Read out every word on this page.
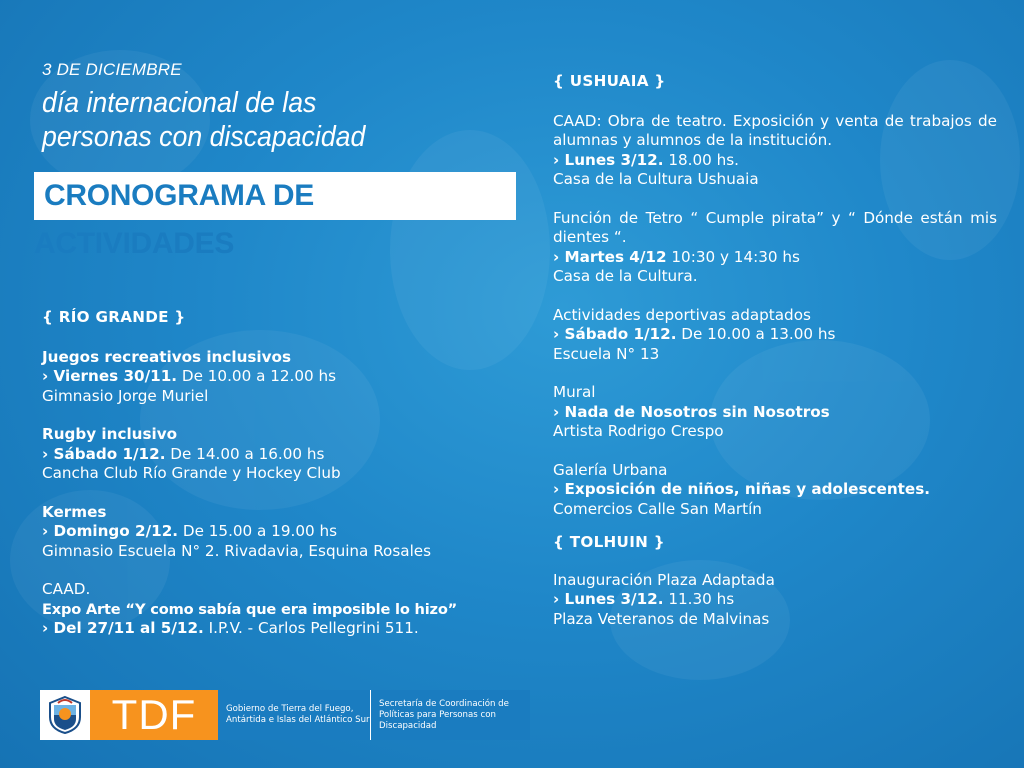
3 DE DICIEMBRE
día internacional de las
personas con discapacidad
CRONOGRAMA DE ACTIVIDADES
{ RÍO GRANDE }
Juegos recreativos inclusivos
› Viernes 30/11. De 10.00 a 12.00 hs
Gimnasio Jorge Muriel
Rugby inclusivo
› Sábado 1/12. De 14.00 a 16.00 hs
Cancha Club Río Grande y Hockey Club
Kermes
› Domingo 2/12. De 15.00 a 19.00 hs
Gimnasio Escuela N° 2. Rivadavia, Esquina Rosales
CAAD.
Expo Arte “Y como sabía que era imposible lo hizo”
› Del 27/11 al 5/12. I.P.V. - Carlos Pellegrini 511.
{ USHUAIA }
CAAD: Obra de teatro. Exposición y venta de trabajos de alumnas y alumnos de la institución.
› Lunes 3/12. 18.00 hs.
Casa de la Cultura Ushuaia
Función de Tetro “ Cumple pirata” y “ Dónde están mis dientes “.
› Martes 4/12 10:30 y 14:30 hs
Casa de la Cultura.
Actividades deportivas adaptados
› Sábado 1/12. De 10.00 a 13.00 hs
Escuela N° 13
Mural
› Nada de Nosotros sin Nosotros
Artista Rodrigo Crespo
Galería Urbana
› Exposición de niños, niñas y adolescentes.
Comercios Calle San Martín
{ TOLHUIN }
Inauguración Plaza Adaptada
› Lunes 3/12. 11.30 hs
Plaza Veteranos de Malvinas
TDF	Gobierno de Tierra del Fuego,
Antártida e Islas del Atlántico Sur
Secretaría de Coordinación de
Políticas para Personas con Discapacidad
